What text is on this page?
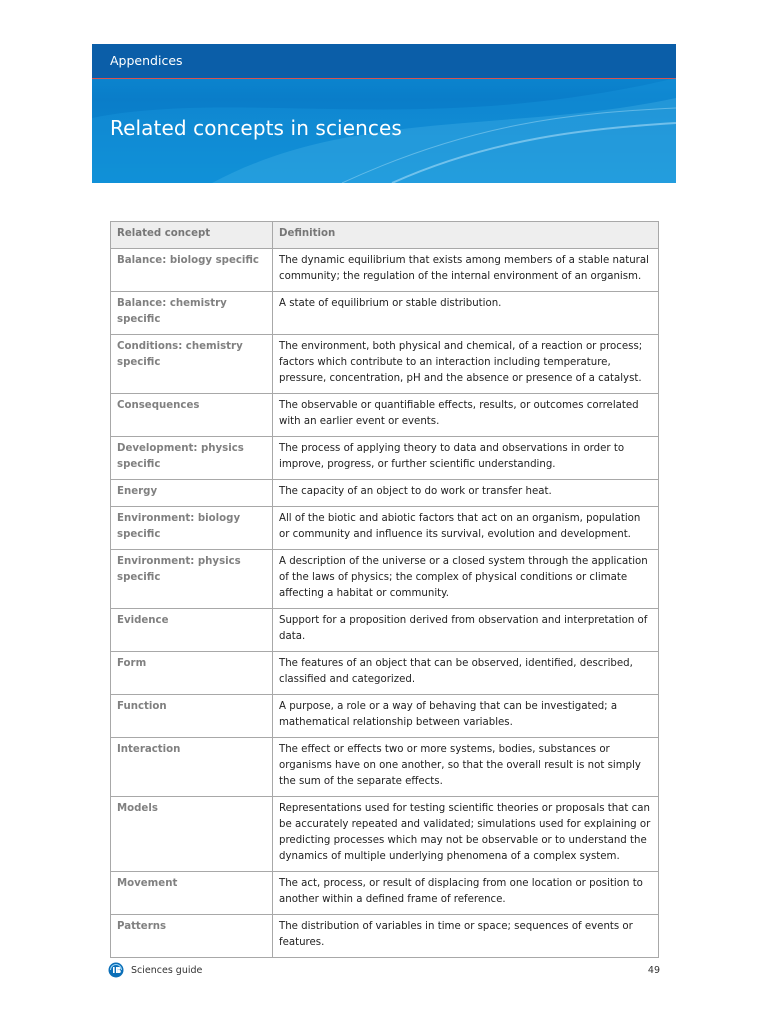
Appendices
Related concepts in sciences
Related concept	Definition
Balance: biology specific	The dynamic equilibrium that exists among members of a stable natural community; the regulation of the internal environment of an organism.
Balance: chemistry specific	A state of equilibrium or stable distribution.
Conditions: chemistry specific	The environment, both physical and chemical, of a reaction or process; factors which contribute to an interaction including temperature, pressure, concentration, pH and the absence or presence of a catalyst.
Consequences	The observable or quantifiable effects, results, or outcomes correlated with an earlier event or events.
Development: physics specific	The process of applying theory to data and observations in order to improve, progress, or further scientific understanding.
Energy	The capacity of an object to do work or transfer heat.
Environment: biology specific	All of the biotic and abiotic factors that act on an organism, population or community and influence its survival, evolution and development.
Environment: physics specific	A description of the universe or a closed system through the application of the laws of physics; the complex of physical conditions or climate affecting a habitat or community.
Evidence	Support for a proposition derived from observation and interpretation of data.
Form	The features of an object that can be observed, identified, described, classified and categorized.
Function	A purpose, a role or a way of behaving that can be investigated; a mathematical relationship between variables.
Interaction	The effect or effects two or more systems, bodies, substances or organisms have on one another, so that the overall result is not simply the sum of the separate effects.
Models	Representations used for testing scientific theories or proposals that can be accurately repeated and validated; simulations used for explaining or predicting processes which may not be observable or to understand the dynamics of multiple underlying phenomena of a complex system.
Movement	The act, process, or result of displacing from one location or position to another within a defined frame of reference.
Patterns	The distribution of variables in time or space; sequences of events or features.
Sciences guide	49
